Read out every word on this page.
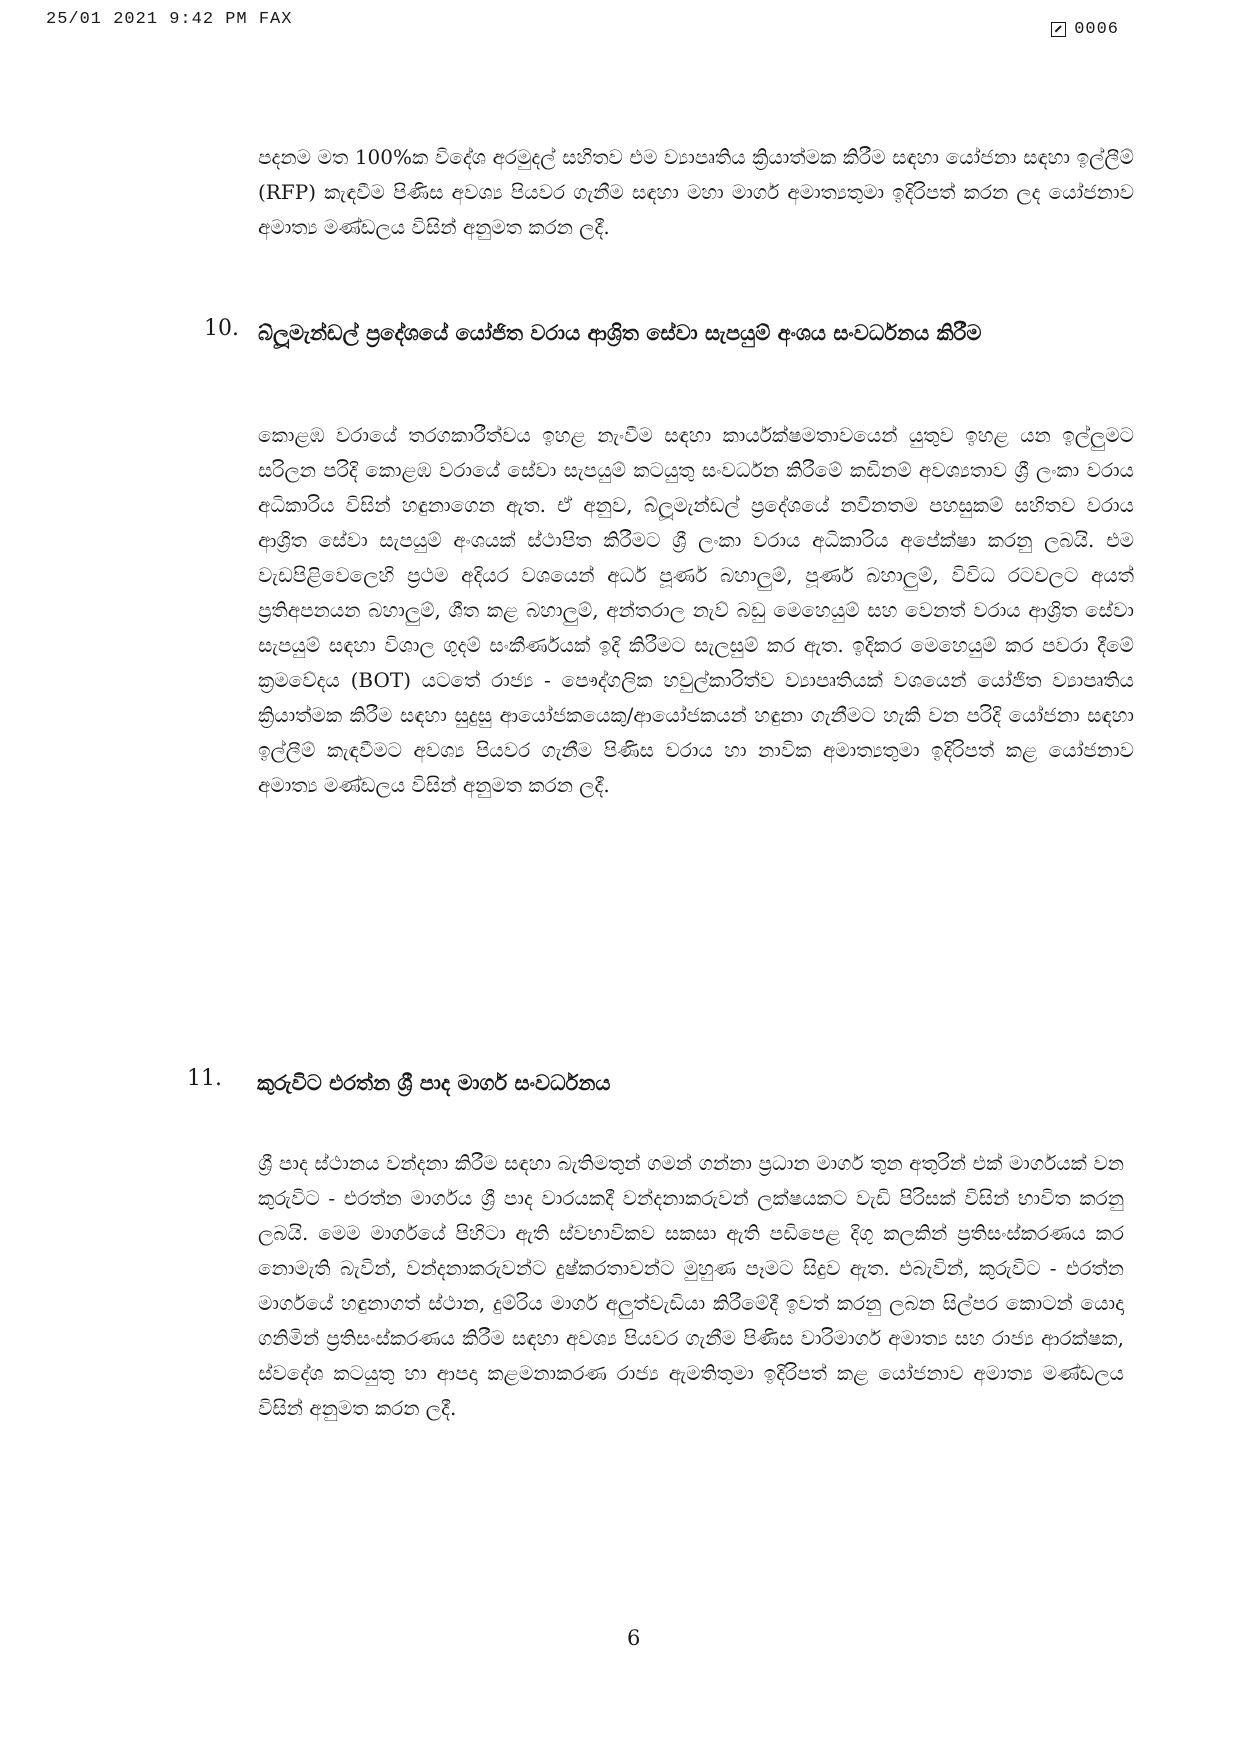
25/01 2021 9:42 PM FAX
0006
පදනම මත 100%ක විදේශ අරමුදල් සහිතව එම ව්‍යාපෘතිය ක්‍රියාත්මක කිරීම සඳහා යෝජනා සඳහා ඉල්ලීම් (RFP) කැඳවීම පිණිස අවශ්‍ය පියවර ගැනීම සඳහා මහා මාර්ග අමාත්‍යතුමා ඉදිරිපත් කරන ලද යෝජනාව අමාත්‍ය මණ්ඩලය විසින් අනුමත කරන ලදී.
10. බ්ලූමැන්ඩල් ප්‍රදේශයේ යෝජිත වරාය ආශ්‍රිත සේවා සැපයුම් අංශය සංවර්ධනය කිරීම
කොළඹ වරායේ තරගකාරීත්වය ඉහළ නැංවීම සඳහා කාර්යක්ෂමතාවයෙන් යුතුව ඉහළ යන ඉල්ලුමට සරිලන පරිදි කොළඹ වරායේ සේවා සැපයුම් කටයුතු සංවර්ධන කිරීමේ කඩිනම් අවශ්‍යතාව ශ්‍රී ලංකා වරාය අධිකාරිය විසින් හඳුනාගෙන ඇත. ඒ අනුව, බ්ලූමැන්ඩල් ප්‍රදේශයේ නවීනතම පහසුකම් සහිතව වරාය ආශ්‍රිත සේවා සැපයුම් අංශයක් ස්ථාපිත කිරීමට ශ්‍රී ලංකා වරාය අධිකාරිය අපේක්ෂා කරනු ලබයි. එම වැඩපිළිවෙලෙහි ප්‍රථම අදියර වශයෙන් අර්ධ පූර්ණ බහාලුම්, පූර්ණ බහාලුම්, විවිධ රටවලට අයත් ප්‍රතිඅපනයන බහාලුම්, ශීත කළ බහාලුම්, අන්තරාල නැව් බඩු මෙහෙයුම් සහ වෙනත් වරාය ආශ්‍රිත සේවා සැපයුම් සඳහා විශාල ගුදම් සංකීර්ණයක් ඉදි කිරීමට සැලසුම් කර ඇත. ඉදිකර මෙහෙයුම් කර පවරා දීමේ ක්‍රමවේදය (BOT) යටතේ රාජ්‍ය - පෞද්ගලික හවුල්කාරිත්ව ව්‍යාපෘතියක් වශයෙන් යෝජිත ව්‍යාපෘතිය ක්‍රියාත්මක කිරීම සඳහා සුදුසු ආයෝජකයෙකු/ආයෝජකයන් හඳුනා ගැනීමට හැකි වන පරිදි යෝජනා සඳහා ඉල්ලීම් කැඳවීමට අවශ්‍ය පියවර ගැනීම පිණිස වරාය හා නාවික අමාත්‍යතුමා ඉදිරිපත් කළ යෝජනාව අමාත්‍ය මණ්ඩලය විසින් අනුමත කරන ලදී.
11.	කුරුවිට එරත්න ශ්‍රී පාද මාර්ග සංවර්ධනය
ශ්‍රී පාද ස්ථානය වන්දනා කිරීම සඳහා බැතිමතුන් ගමන් ගන්නා ප්‍රධාන මාර්ග තුන අතුරින් එක් මාර්ගයක් වන කුරුවිට - එරත්න මාර්ගය ශ්‍රී පාද වාරයකදී වන්දනාකරුවන් ලක්ෂයකට වැඩි පිරිසක් විසින් භාවිත කරනු ලබයි. මෙම මාර්ගයේ පිහිටා ඇති ස්වභාවිකව සකසා ඇති පඩිපෙළ දිගු කලකින් ප්‍රතිසංස්කරණය කර නොමැති බැවින්, වන්දනාකරුවන්ට දුෂ්කරතාවන්ට මුහුණ පෑමට සිදුව ඇත. එබැවින්, කුරුවිට - එරත්න මාර්ගයේ හඳුනාගත් ස්ථාන, දුම්රිය මාර්ග අලුත්වැඩියා කිරීමේදී ඉවත් කරනු ලබන සිල්පර කොටන් යොදා ගනිමින් ප්‍රතිසංස්කරණය කිරීම සඳහා අවශ්‍ය පියවර ගැනීම පිණිස වාරිමාර්ග අමාත්‍ය සහ රාජ්‍ය ආරක්ෂක, ස්වදේශ කටයුතු හා ආපදා කළමනාකරණ රාජ්‍ය ඇමතිතුමා ඉදිරිපත් කළ යෝජනාව අමාත්‍ය මණ්ඩලය විසින් අනුමත කරන ලදී.
6
